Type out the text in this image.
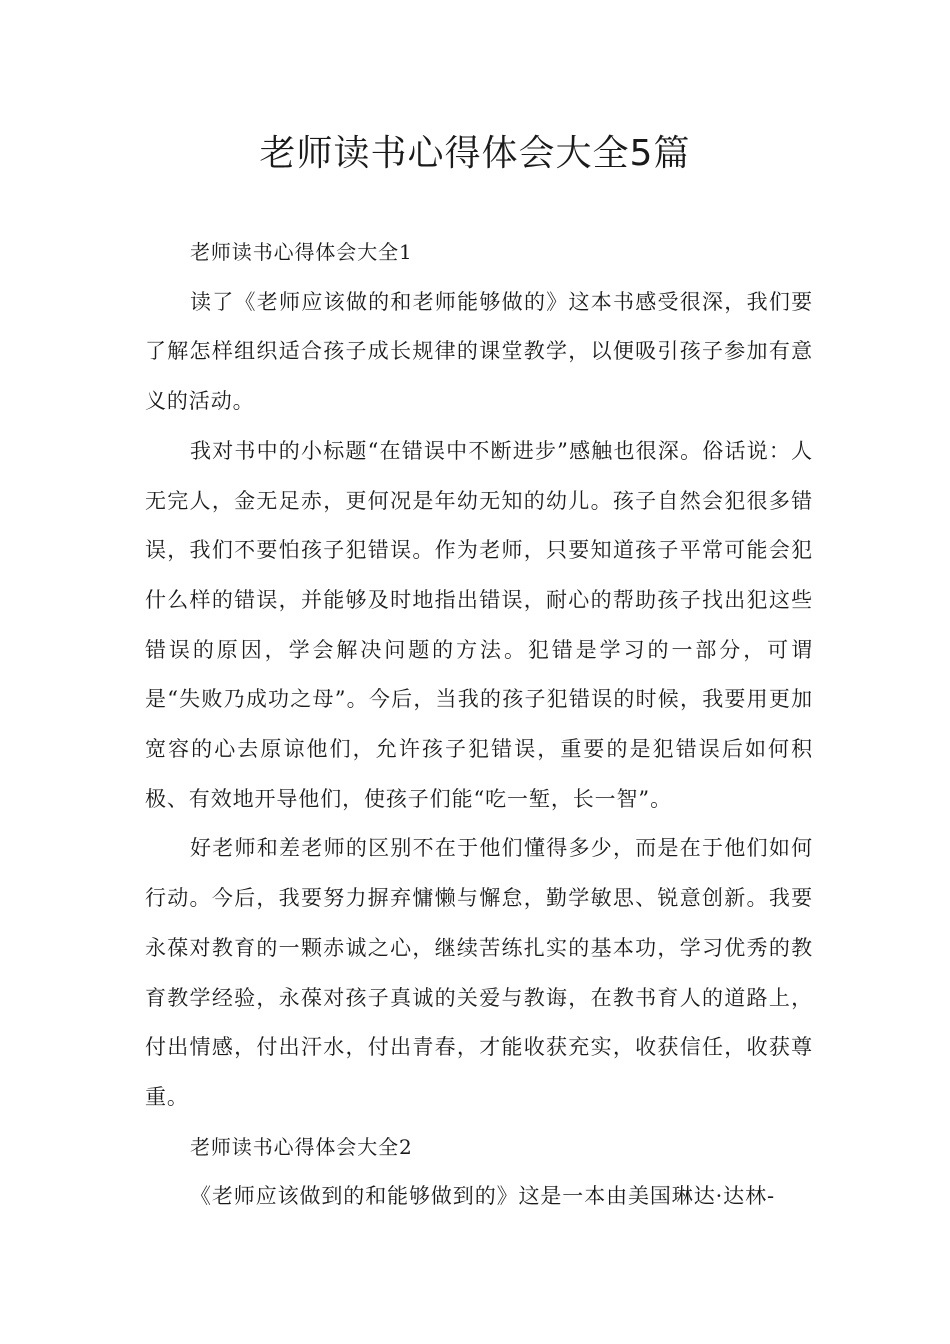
老师读书心得体会大全5篇

老师读书心得体会大全1

读了《老师应该做的和老师能够做的》这本书感受很深，我们要了解怎样组织适合孩子成长规律的课堂教学，以便吸引孩子参加有意义的活动。

我对书中的小标题“在错误中不断进步”感触也很深。俗话说：人无完人，金无足赤，更何况是年幼无知的幼儿。孩子自然会犯很多错误，我们不要怕孩子犯错误。作为老师，只要知道孩子平常可能会犯什么样的错误，并能够及时地指出错误，耐心的帮助孩子找出犯这些错误的原因，学会解决问题的方法。犯错是学习的一部分，可谓是“失败乃成功之母”。今后，当我的孩子犯错误的时候，我要用更加宽容的心去原谅他们，允许孩子犯错误，重要的是犯错误后如何积极、有效地开导他们，使孩子们能“吃一堑，长一智”。

好老师和差老师的区别不在于他们懂得多少，而是在于他们如何行动。今后，我要努力摒弃慵懒与懈怠，勤学敏思、锐意创新。我要永葆对教育的一颗赤诚之心，继续苦练扎实的基本功，学习优秀的教育教学经验，永葆对孩子真诚的关爱与教诲，在教书育人的道路上，付出情感，付出汗水，付出青春，才能收获充实，收获信任，收获尊重。

老师读书心得体会大全2

《老师应该做到的和能够做到的》这是一本由美国琳达·达林-
